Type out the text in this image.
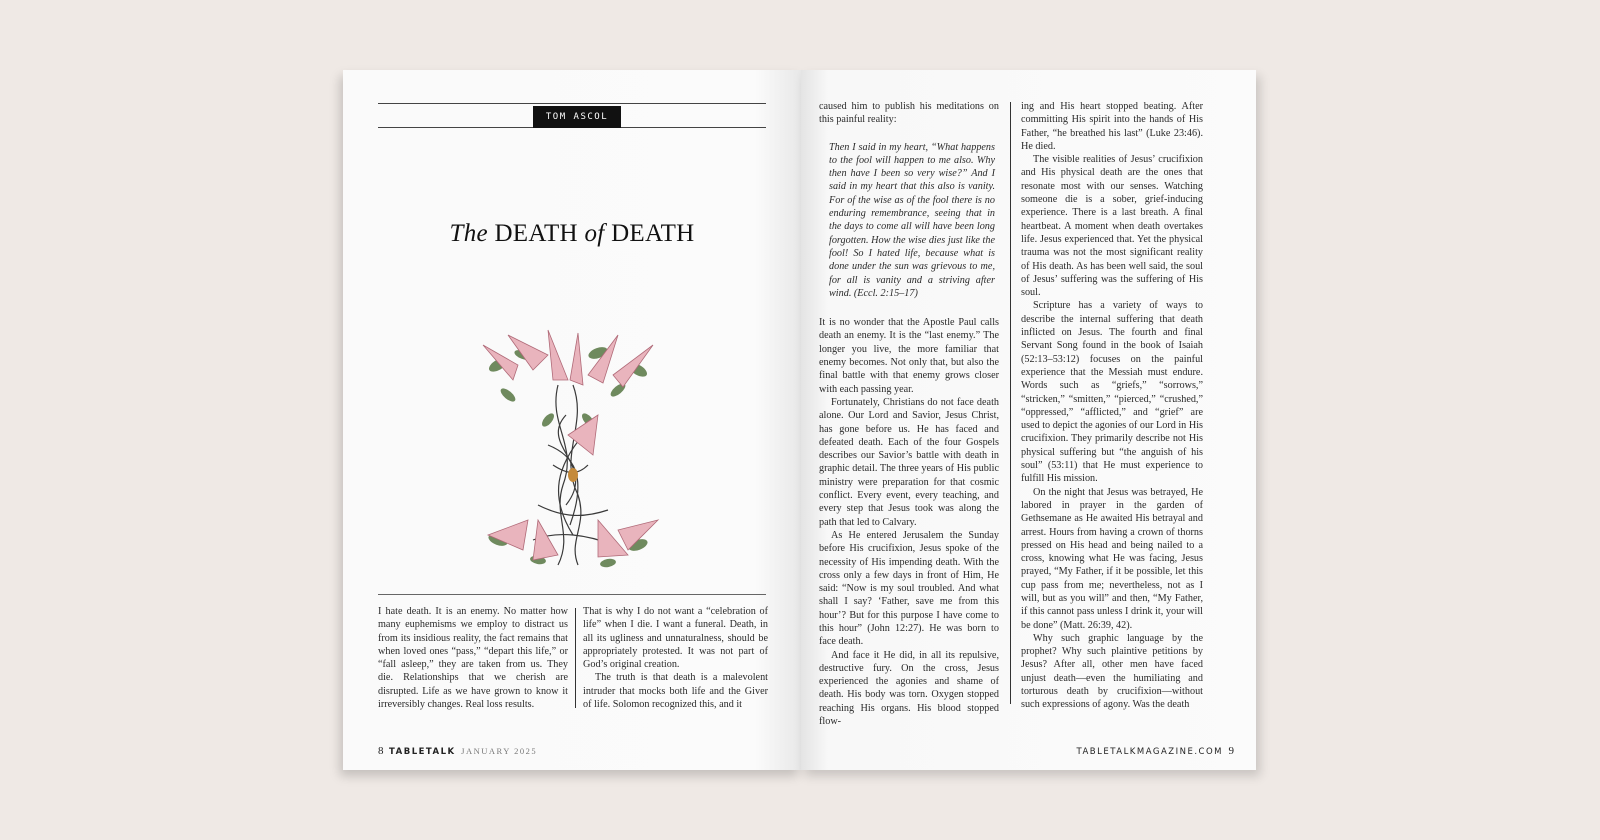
TOM ASCOL
The DEATH of DEATH

I hate death. It is an enemy. No matter how many euphemisms we employ to distract us from its insidious reality, the fact remains that when loved ones “pass,” “depart this life,” or “fall asleep,” they are taken from us. They die. Relationships that we cherish are disrupted. Life as we have grown to know it irreversibly changes. Real loss results.

That is why I do not want a “celebration of life” when I die. I want a funeral. Death, in all its ugliness and unnaturalness, should be appropriately protested. It was not part of God’s original creation.

The truth is that death is a malevolent intruder that mocks both life and the Giver of life. Solomon recognized this, and it

8 TABLETALK JANUARY 2025

caused him to publish his meditations on this painful reality:

Then I said in my heart, “What happens to the fool will happen to me also. Why then have I been so very wise?” And I said in my heart that this also is vanity. For of the wise as of the fool there is no enduring remembrance, seeing that in the days to come all will have been long forgotten. How the wise dies just like the fool! So I hated life, because what is done under the sun was grievous to me, for all is vanity and a striving after wind. (Eccl. 2:15–17)

It is no wonder that the Apostle Paul calls death an enemy. It is the “last enemy.” The longer you live, the more familiar that enemy becomes. Not only that, but also the final battle with that enemy grows closer with each passing year.

Fortunately, Christians do not face death alone. Our Lord and Savior, Jesus Christ, has gone before us. He has faced and defeated death. Each of the four Gospels describes our Savior’s battle with death in graphic detail. The three years of His public ministry were preparation for that cosmic conflict. Every event, every teaching, and every step that Jesus took was along the path that led to Calvary.

As He entered Jerusalem the Sunday before His crucifixion, Jesus spoke of the necessity of His impending death. With the cross only a few days in front of Him, He said: “Now is my soul troubled. And what shall I say? ‘Father, save me from this hour’? But for this purpose I have come to this hour” (John 12:27). He was born to face death.

And face it He did, in all its repulsive, destructive fury. On the cross, Jesus experienced the agonies and shame of death. His body was torn. Oxygen stopped reaching His organs. His blood stopped flow-

ing and His heart stopped beating. After committing His spirit into the hands of His Father, “he breathed his last” (Luke 23:46). He died.

The visible realities of Jesus’ crucifixion and His physical death are the ones that resonate most with our senses. Watching someone die is a sober, grief-inducing experience. There is a last breath. A final heartbeat. A moment when death overtakes life. Jesus experienced that. Yet the physical trauma was not the most significant reality of His death. As has been well said, the soul of Jesus’ suffering was the suffering of His soul.

Scripture has a variety of ways to describe the internal suffering that death inflicted on Jesus. The fourth and final Servant Song found in the book of Isaiah (52:13–53:12) focuses on the painful experience that the Messiah must endure. Words such as “griefs,” “sorrows,” “stricken,” “smitten,” “pierced,” “crushed,” “oppressed,” “afflicted,” and “grief” are used to depict the agonies of our Lord in His crucifixion. They primarily describe not His physical suffering but “the anguish of his soul” (53:11) that He must experience to fulfill His mission.

On the night that Jesus was betrayed, He labored in prayer in the garden of Gethsemane as He awaited His betrayal and arrest. Hours from having a crown of thorns pressed on His head and being nailed to a cross, knowing what He was facing, Jesus prayed, “My Father, if it be possible, let this cup pass from me; nevertheless, not as I will, but as you will” and then, “My Father, if this cannot pass unless I drink it, your will be done” (Matt. 26:39, 42).

Why such graphic language by the prophet? Why such plaintive petitions by Jesus? After all, other men have faced unjust death—even the humiliating and torturous death by crucifixion—without such expressions of agony. Was the death

TABLETALKMAGAZINE.COM 9
